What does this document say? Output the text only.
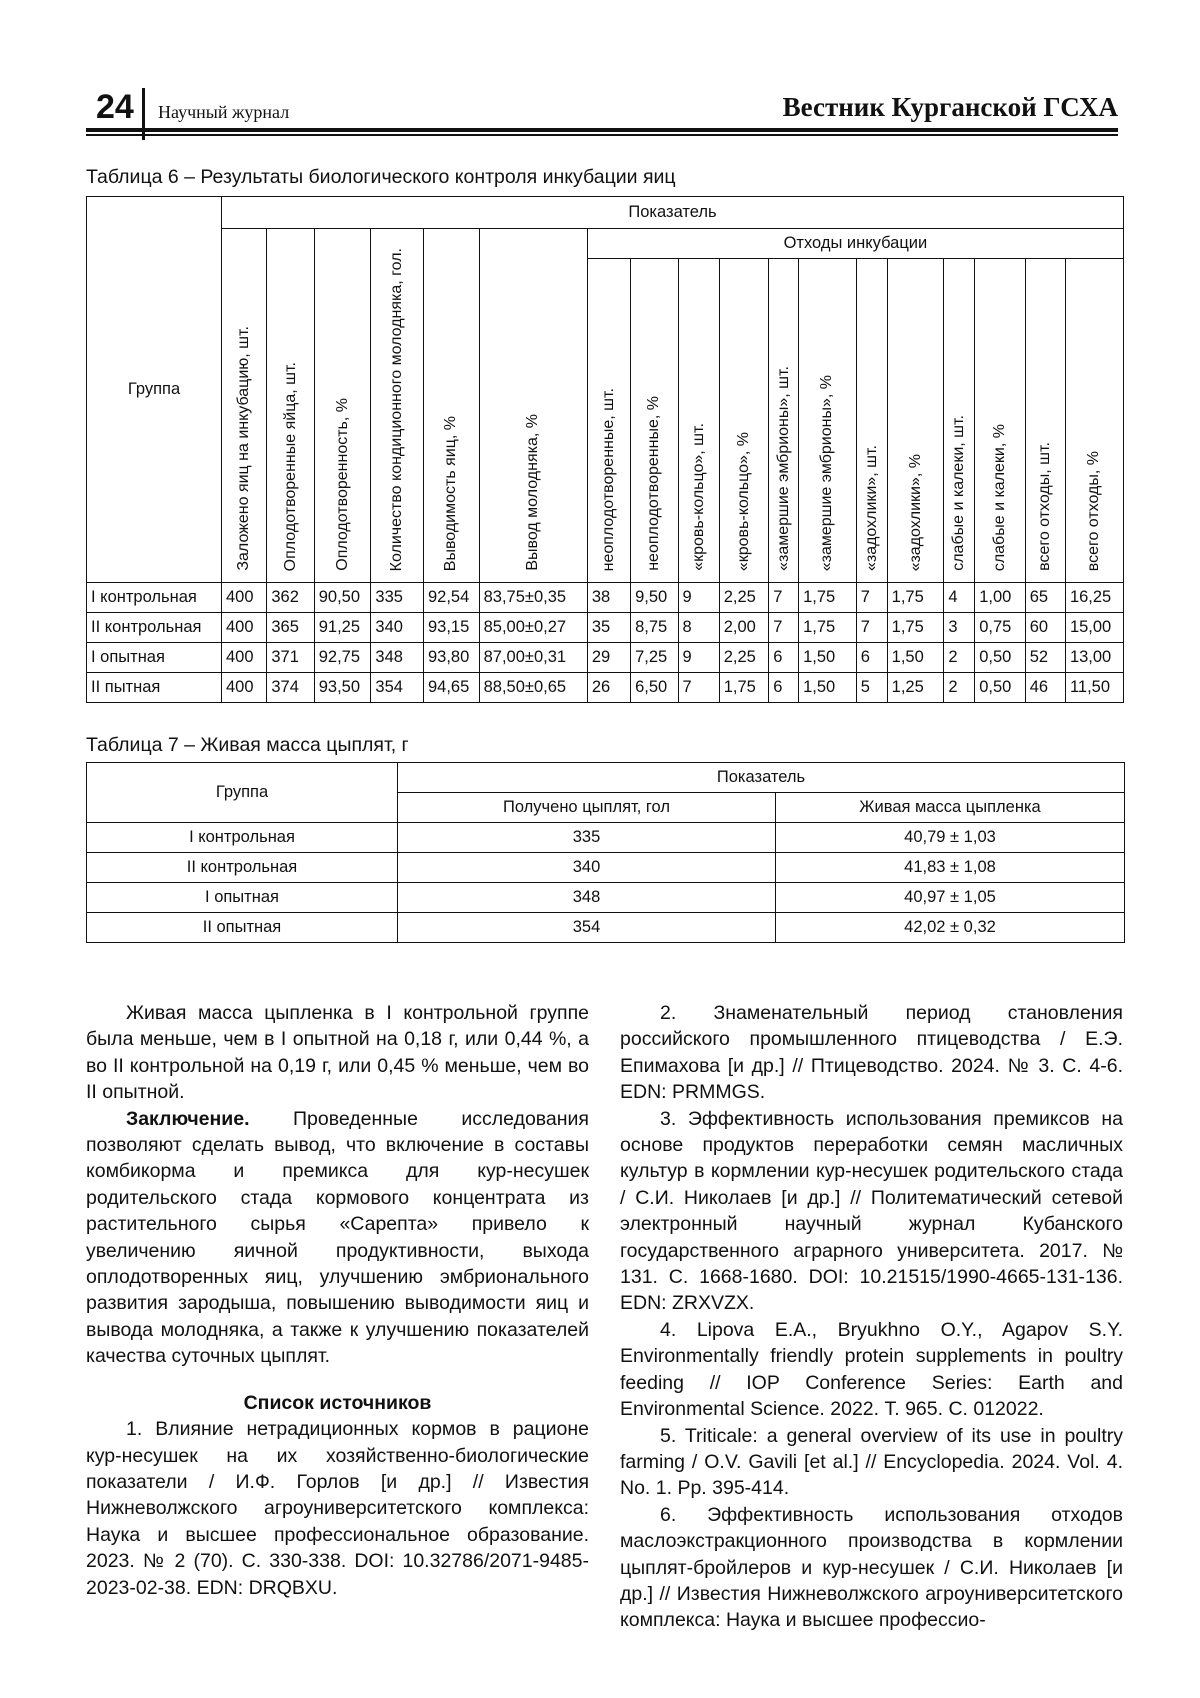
24 Научный журнал	Вестник Курганской ГСХА
Таблица 6 – Результаты биологического контроля инкубации яиц
Группа	Показатель																	
	Заложено яиц на инкубацию, шт.	Оплодотворенные яйца, шт.	Оплодотворенность, %	Количество кондиционного молодняка, гол.	Выводимость яиц, %	Вывод молодняка, %	Отходы инкубации											
							неоплодотворенные, шт.	неоплодотворенные, %	«кровь-кольцо», шт.	«кровь-кольцо», %	«замершие эмбрионы», шт.	«замершие эмбрионы», %	«задохлики», шт.	«задохлики», %	слабые и калеки, шт.	слабые и калеки, %	всего отходы, шт.	всего отходы, %
I контрольная	400	362	90,50	335	92,54	83,75±0,35	38	9,50	9	2,25	7	1,75	7	1,75	4	1,00	65	16,25
II контрольная	400	365	91,25	340	93,15	85,00±0,27	35	8,75	8	2,00	7	1,75	7	1,75	3	0,75	60	15,00
I опытная	400	371	92,75	348	93,80	87,00±0,31	29	7,25	9	2,25	6	1,50	6	1,50	2	0,50	52	13,00
II пытная	400	374	93,50	354	94,65	88,50±0,65	26	6,50	7	1,75	6	1,50	5	1,25	2	0,50	46	11,50
Таблица 7 – Живая масса цыплят, г
Группа	Показатель	
	Получено цыплят, гол	Живая масса цыпленка
I контрольная	335	40,79 ± 1,03
II контрольная	340	41,83 ± 1,08
I опытная	348	40,97 ± 1,05
II опытная	354	42,02 ± 0,32

Живая масса цыпленка в I контрольной группе была меньше, чем в I опытной на 0,18 г, или 0,44 %, а во II контрольной на 0,19 г, или 0,45 % меньше, чем во II опытной.

Заключение. Проведенные исследования позволяют сделать вывод, что включение в составы комбикорма и премикса для кур-несушек родительского стада кормового концентрата из растительного сырья «Сарепта» привело к увеличению яичной продуктивности, выхода оплодотворенных яиц, улучшению эмбрионального развития зародыша, повышению выводимости яиц и вывода молодняка, а также к улучшению показателей качества суточных цыплят.

Список источников

1. Влияние нетрадиционных кормов в рационе кур-несушек на их хозяйственно-биологические показатели / И.Ф. Горлов [и др.] // Известия Нижневолжского агроуниверситетского комплекса: Наука и высшее профессиональное образование. 2023. № 2 (70). С. 330-338. DOI: 10.32786/2071-9485-2023-02-38. EDN: DRQBXU.

2. Знаменательный период становления российского промышленного птицеводства / Е.Э. Епимахова [и др.] // Птицеводство. 2024. № 3. С. 4-6. EDN: PRMMGS.

3. Эффективность использования премиксов на основе продуктов переработки семян масличных культур в кормлении кур-несушек родительского стада / С.И. Николаев [и др.] // Политематический сетевой электронный научный журнал Кубанского государственного аграрного университета. 2017. № 131. С. 1668-1680. DOI: 10.21515/1990-4665-131-136. EDN: ZRXVZX.

4. Lipova E.A., Bryukhno O.Y., Agapov S.Y. Environmentally friendly protein supplements in poultry feeding // IOP Conference Series: Earth and Environmental Science. 2022. Т. 965. С. 012022.

5. Triticale: a general overview of its use in poultry farming / O.V. Gavili [et al.] // Encyclopedia. 2024. Vol. 4. No. 1. Pp. 395-414.

6. Эффективность использования отходов маслоэкстракционного производства в кормлении цыплят-бройлеров и кур-несушек / С.И. Николаев [и др.] // Известия Нижневолжского агроуниверситетского комплекса: Наука и высшее профессио-
